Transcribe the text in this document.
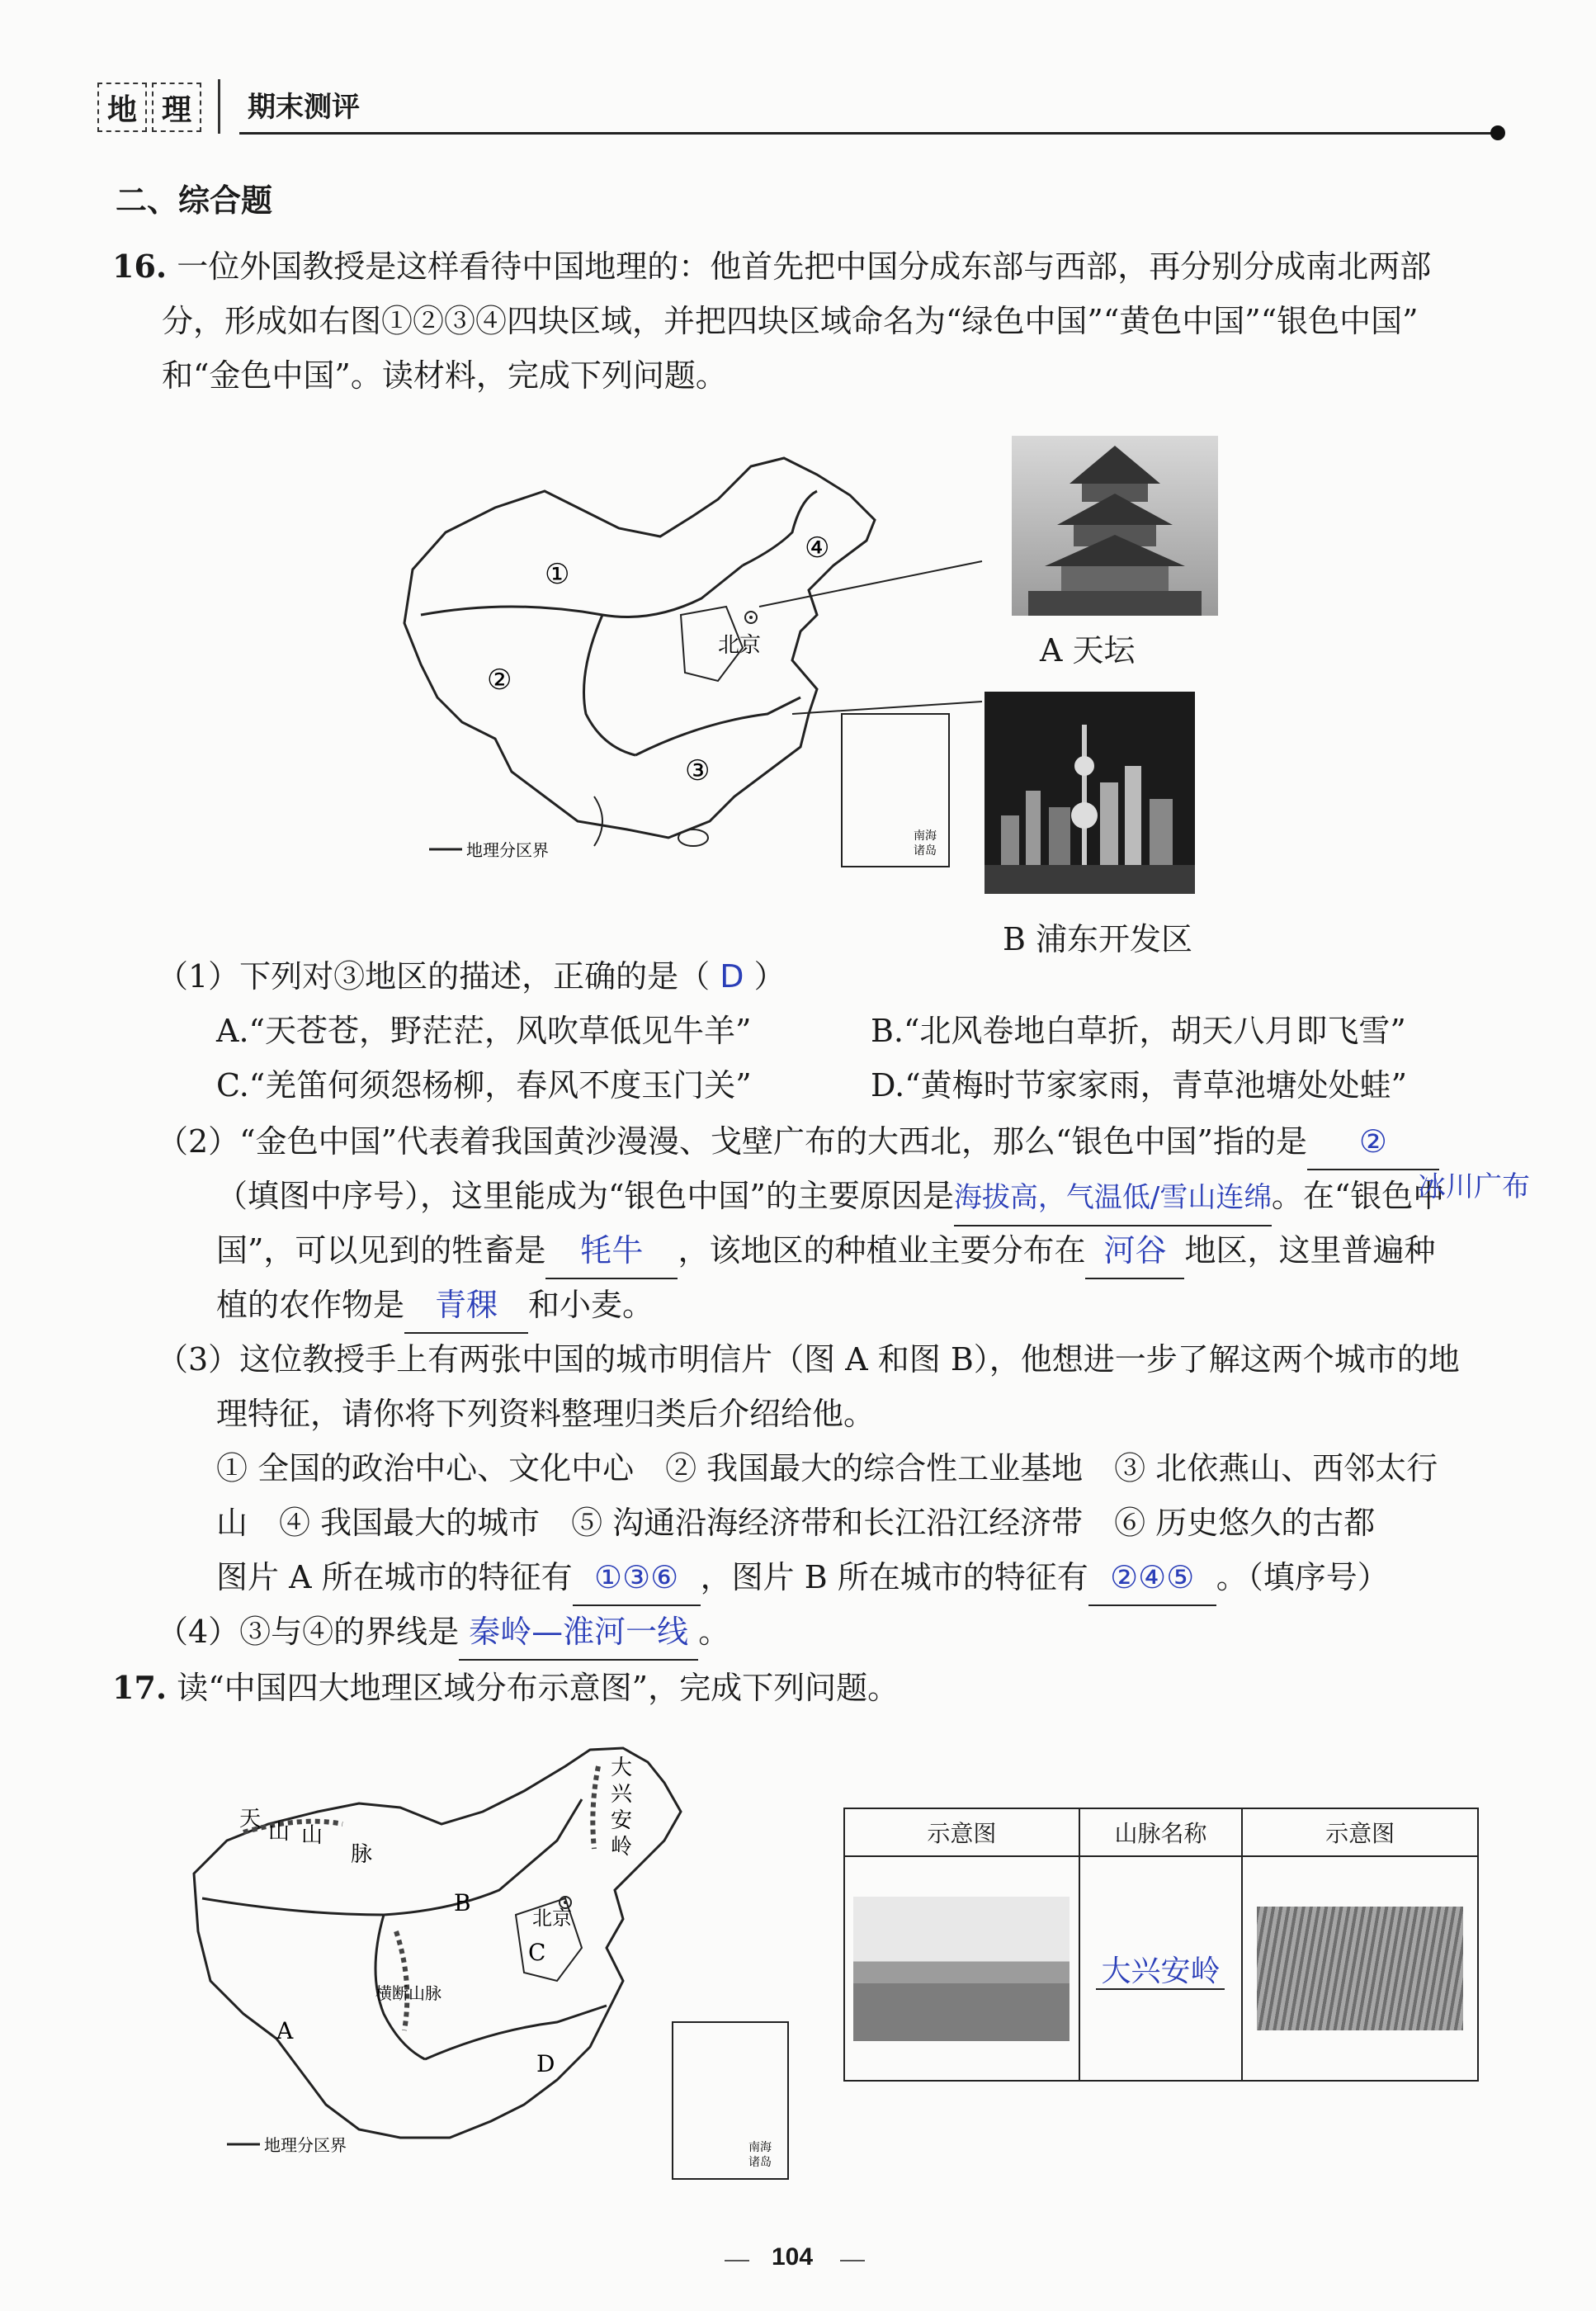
地 理	期末测评
二、综合题
16. 一位外国教授是这样看待中国地理的：他首先把中国分成东部与西部，再分别分成南北两部
分，形成如右图①②③④四块区域，并把四块区域命名为“绿色中国”“黄色中国”“银色中国”
和“金色中国”。读材料，完成下列问题。
①
②
③
④
北京
地理分区界
南海
诸岛
A 天坛
B 浦东开发区
（1）下列对③地区的描述，正确的是（ D ）
A.“天苍苍，野茫茫，风吹草低见牛羊”	B.“北风卷地白草折，胡天八月即飞雪”
C.“羌笛何须怨杨柳，春风不度玉门关”	D.“黄梅时节家家雨，青草池塘处处蛙”
（2）“金色中国”代表着我国黄沙漫漫、戈壁广布的大西北，那么“银色中国”指的是 ②
（填图中序号），这里能成为“银色中国”的主要原因是海拔高，气温低/雪山连绵。在“银色中
冰川广布
国”，可以见到的牲畜是 牦牛 ，该地区的种植业主要分布在 河谷 地区，这里普遍种
植的农作物是 青稞 和小麦。
（3）这位教授手上有两张中国的城市明信片（图 A 和图 B），他想进一步了解这两个城市的地
理特征，请你将下列资料整理归类后介绍给他。
① 全国的政治中心、文化中心　② 我国最大的综合性工业基地　③ 北依燕山、西邻太行
山　④ 我国最大的城市　⑤ 沟通沿海经济带和长江沿江经济带　⑥ 历史悠久的古都
图片 A 所在城市的特征有 ①③⑥ ，图片 B 所在城市的特征有 ②④⑤ 。（填序号）
（4）③与④的界线是 秦岭—淮河一线 。
17. 读“中国四大地理区域分布示意图”，完成下列问题。
A
B
C
D
北京
天
山 山
脉
大
兴
安
岭
横断山脉
南海
诸岛
地理分区界
示意图	山脉名称	示意图

	大兴安岭	
104
